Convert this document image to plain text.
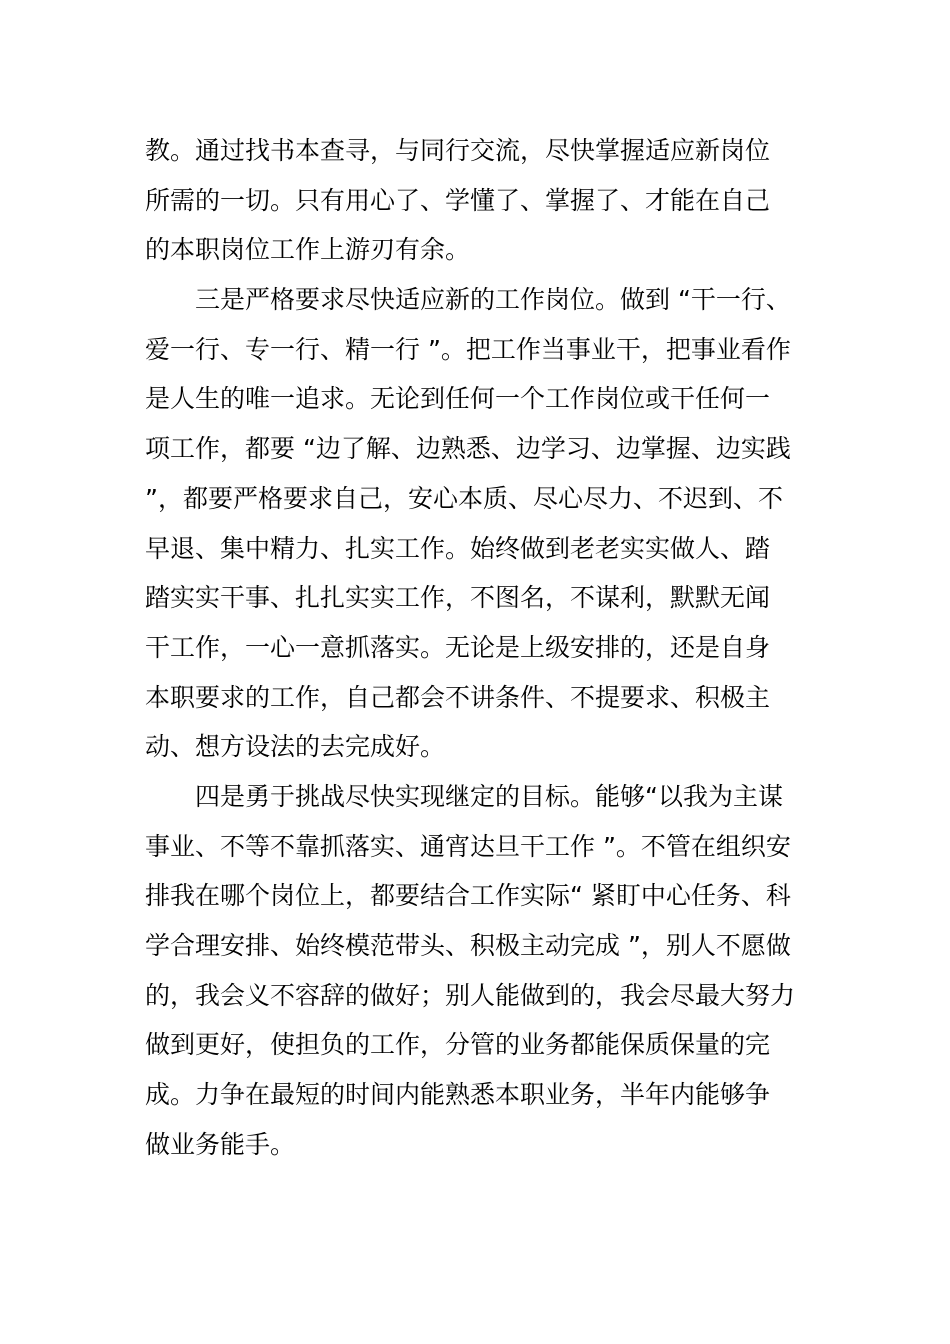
教。通过找书本查寻，与同行交流，尽快掌握适应新岗位
所需的一切。只有用心了、学懂了、掌握了、才能在自己
的本职岗位工作上游刃有余。
三是严格要求尽快适应新的工作岗位。做到 “干一行、
爱一行、专一行、精一行 ”。把工作当事业干，把事业看作
是人生的唯一追求。无论到任何一个工作岗位或干任何一
项工作，都要 “边了解、边熟悉、边学习、边掌握、边实践
”，都要严格要求自己，安心本质、尽心尽力、不迟到、不
早退、集中精力、扎实工作。始终做到老老实实做人、踏
踏实实干事、扎扎实实工作，不图名，不谋利，默默无闻
干工作，一心一意抓落实。无论是上级安排的，还是自身
本职要求的工作，自己都会不讲条件、不提要求、积极主
动、想方设法的去完成好。
四是勇于挑战尽快实现继定的目标。能够“以我为主谋
事业、不等不靠抓落实、通宵达旦干工作 ”。不管在组织安
排我在哪个岗位上，都要结合工作实际“ 紧盯中心任务、科
学合理安排、始终模范带头、积极主动完成 ”，别人不愿做
的，我会义不容辞的做好；别人能做到的，我会尽最大努力
做到更好，使担负的工作，分管的业务都能保质保量的完
成。力争在最短的时间内能熟悉本职业务，半年内能够争
做业务能手。
